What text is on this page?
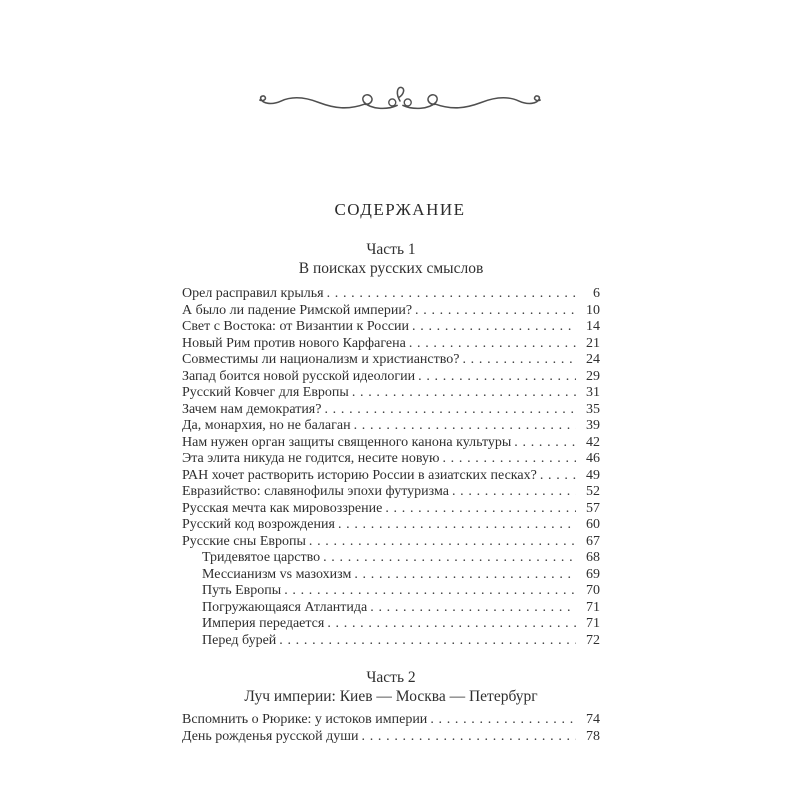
СОДЕРЖАНИЕ
Часть 1
В поисках русских смыслов
Орел расправил крылья . . .	6
А было ли падение Римской империи? . . .	10
Свет с Востока: от Византии к России . . .	14
Новый Рим против нового Карфагена . . .	21
Совместимы ли национализм и христианство? . . .	24
Запад боится новой русской идеологии . . .	29
Русский Ковчег для Европы . . .	31
Зачем нам демократия? . . .	35
Да, монархия, но не балаган . . .	39
Нам нужен орган защиты священного канона культуры . . .	42
Эта элита никуда не годится, несите новую . . .	46
РАН хочет растворить историю России в азиатских песках? . . .	49
Евразийство: славянофилы эпохи футуризма . . .	52
Русская мечта как мировоззрение . . .	57
Русский код возрождения . . .	60
Русские сны Европы . . .	67
Тридевятое царство . . .	68
Мессианизм vs мазохизм . . .	69
Путь Европы . . .	70
Погружающаяся Атлантида . . .	71
Империя передается . . .	71
Перед бурей . . .	72
Часть 2
Луч империи: Киев — Москва — Петербург
Вспомнить о Рюрике: у истоков империи . . .	74
День рожденья русской души . . .	78
